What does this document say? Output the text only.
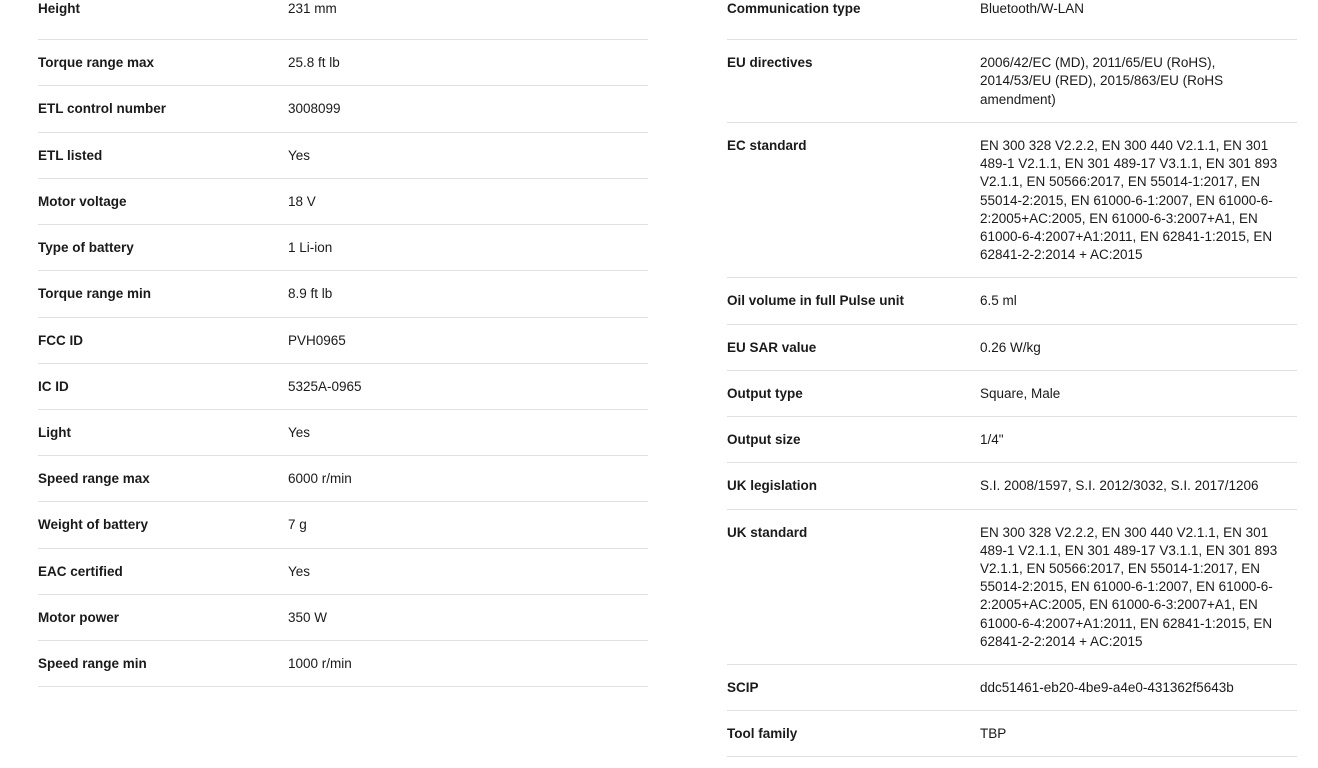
Height	231 mm
Torque range max	25.8 ft lb
ETL control number	3008099
ETL listed	Yes
Motor voltage	18 V
Type of battery	1 Li-ion
Torque range min	8.9 ft lb
FCC ID	PVH0965
IC ID	5325A-0965
Light	Yes
Speed range max	6000 r/min
Weight of battery	7 g
EAC certified	Yes
Motor power	350 W
Speed range min	1000 r/min
Communication type	Bluetooth/W-LAN
EU directives	2006/42/EC (MD), 2011/65/EU (RoHS), 2014/53/EU (RED), 2015/863/EU (RoHS amendment)
EC standard	EN 300 328 V2.2.2, EN 300 440 V2.1.1, EN 301 489-1 V2.1.1, EN 301 489-17 V3.1.1, EN 301 893 V2.1.1, EN 50566:2017, EN 55014-1:2017, EN 55014-2:2015, EN 61000-6-1:2007, EN 61000-6-2:2005+AC:2005, EN 61000-6-3:2007+A1, EN 61000-6-4:2007+A1:2011, EN 62841-1:2015, EN 62841-2-2:2014 + AC:2015
Oil volume in full Pulse unit	6.5 ml
EU SAR value	0.26 W/kg
Output type	Square, Male
Output size	1/4"
UK legislation	S.I. 2008/1597, S.I. 2012/3032, S.I. 2017/1206
UK standard	EN 300 328 V2.2.2, EN 300 440 V2.1.1, EN 301 489-1 V2.1.1, EN 301 489-17 V3.1.1, EN 301 893 V2.1.1, EN 50566:2017, EN 55014-1:2017, EN 55014-2:2015, EN 61000-6-1:2007, EN 61000-6-2:2005+AC:2005, EN 61000-6-3:2007+A1, EN 61000-6-4:2007+A1:2011, EN 62841-1:2015, EN 62841-2-2:2014 + AC:2015
SCIP	ddc51461-eb20-4be9-a4e0-431362f5643b
Tool family	TBP
